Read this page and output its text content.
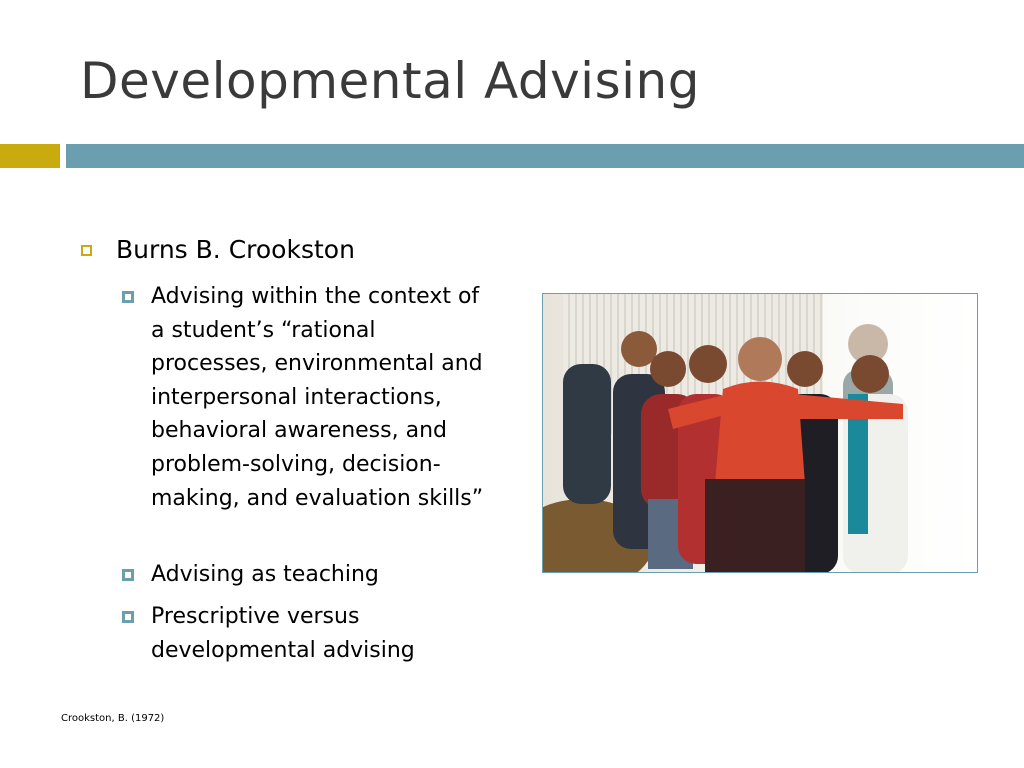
Developmental Advising
Burns B. Crookston
Advising within the context of a student’s “rational processes, environmental and interpersonal interactions, behavioral awareness, and problem-solving, decision-making, and evaluation skills”
Advising as teaching
Prescriptive versus developmental advising
Crookston, B. (1972)
